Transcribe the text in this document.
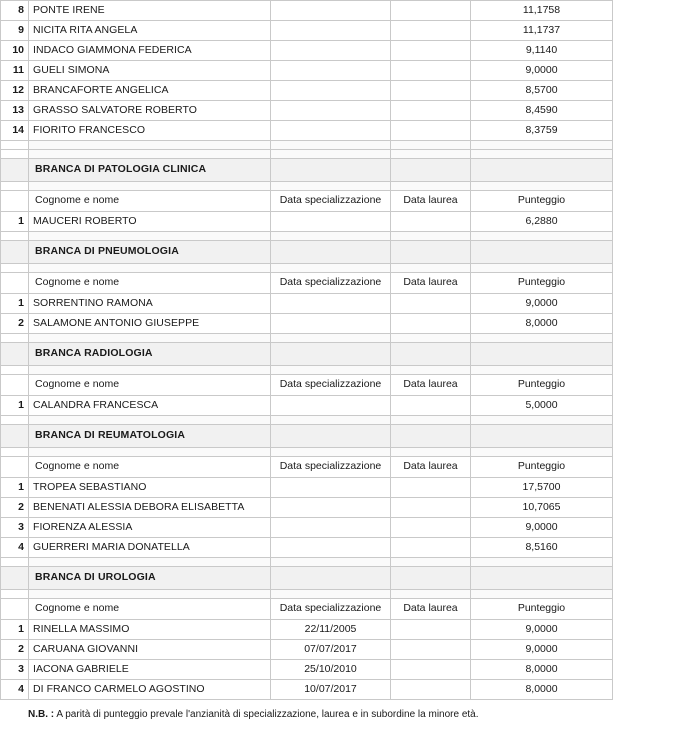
8	PONTE IRENE			11,1758
9	NICITA RITA ANGELA			11,1737
10	INDACO GIAMMONA FEDERICA			9,1140
11	GUELI SIMONA			9,0000
12	BRANCAFORTE ANGELICA			8,5700
13	GRASSO SALVATORE ROBERTO			8,4590
14	FIORITO FRANCESCO			8,3759

	BRANCA DI PATOLOGIA CLINICA			

	Cognome e nome	Data specializzazione	Data laurea	Punteggio
1	MAUCERI ROBERTO			6,2880

	BRANCA DI PNEUMOLOGIA			

	Cognome e nome	Data specializzazione	Data laurea	Punteggio
1	SORRENTINO RAMONA			9,0000
2	SALAMONE ANTONIO GIUSEPPE			8,0000

	BRANCA RADIOLOGIA			

	Cognome e nome	Data specializzazione	Data laurea	Punteggio
1	CALANDRA FRANCESCA			5,0000

	BRANCA DI REUMATOLOGIA			

	Cognome e nome	Data specializzazione	Data laurea	Punteggio
1	TROPEA SEBASTIANO			17,5700
2	BENENATI ALESSIA DEBORA ELISABETTA			10,7065
3	FIORENZA ALESSIA			9,0000
4	GUERRERI MARIA DONATELLA			8,5160

	BRANCA DI UROLOGIA			

	Cognome e nome	Data specializzazione	Data laurea	Punteggio
1	RINELLA MASSIMO	22/11/2005		9,0000
2	CARUANA GIOVANNI	07/07/2017		9,0000
3	IACONA GABRIELE	25/10/2010		8,0000
4	DI FRANCO CARMELO AGOSTINO	10/07/2017		8,0000
N.B. : A parità di punteggio prevale l'anzianità di specializzazione, laurea e in subordine la minore età.
